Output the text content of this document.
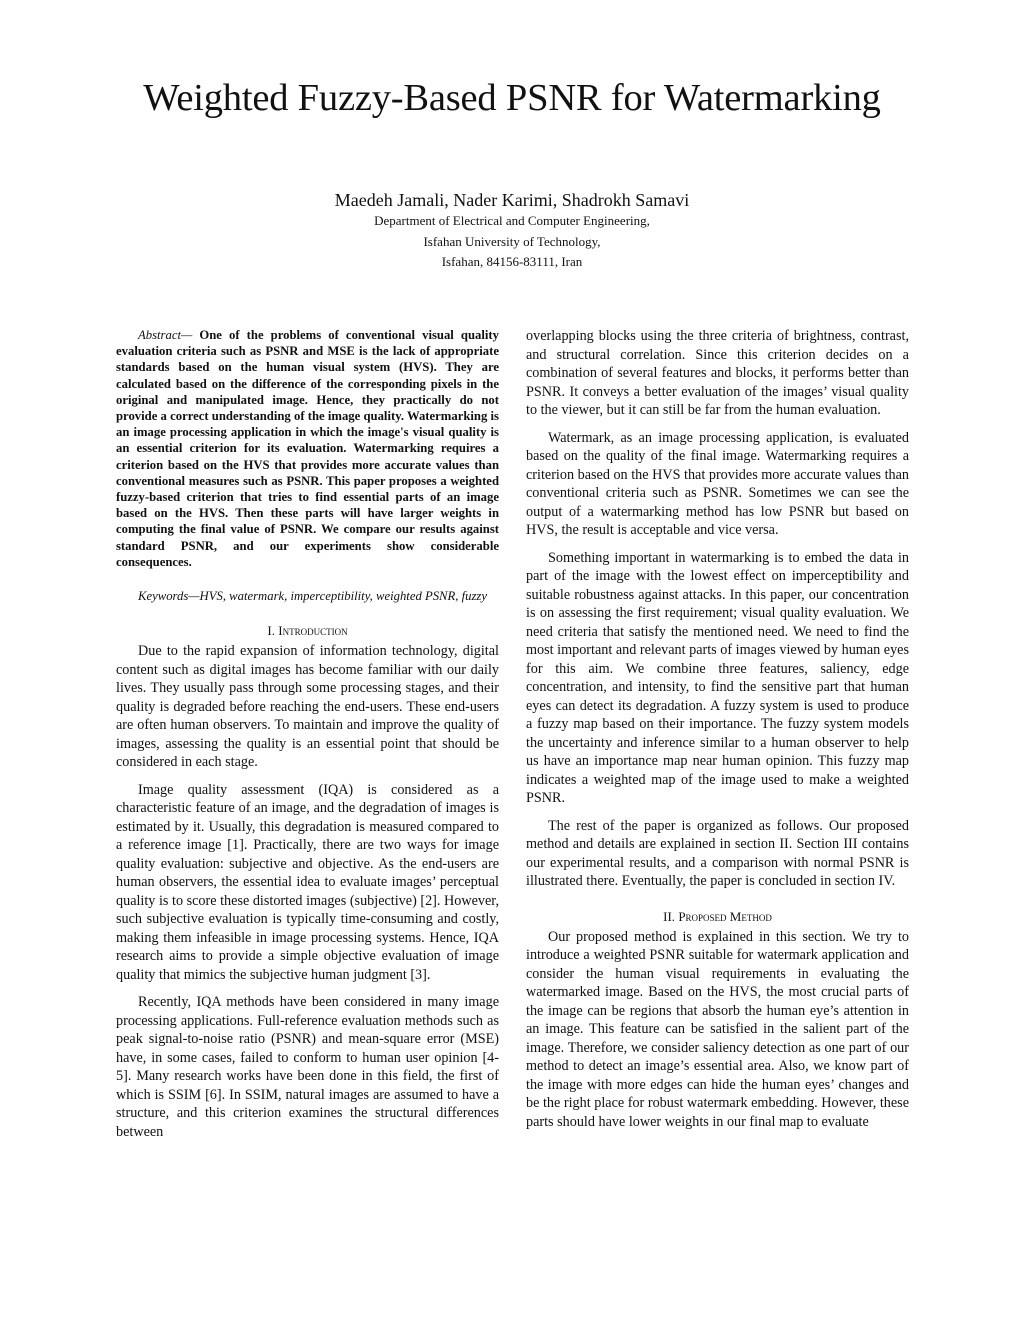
Weighted Fuzzy-Based PSNR for Watermarking
Maedeh Jamali, Nader Karimi, Shadrokh Samavi
Department of Electrical and Computer Engineering,
Isfahan University of Technology,
Isfahan, 84156-83111, Iran

Abstract— One of the problems of conventional visual quality evaluation criteria such as PSNR and MSE is the lack of appropriate standards based on the human visual system (HVS). They are calculated based on the difference of the corresponding pixels in the original and manipulated image. Hence, they practically do not provide a correct understanding of the image quality. Watermarking is an image processing application in which the image's visual quality is an essential criterion for its evaluation. Watermarking requires a criterion based on the HVS that provides more accurate values than conventional measures such as PSNR. This paper proposes a weighted fuzzy-based criterion that tries to find essential parts of an image based on the HVS. Then these parts will have larger weights in computing the final value of PSNR. We compare our results against standard PSNR, and our experiments show considerable consequences.

Keywords—HVS, watermark, imperceptibility, weighted PSNR, fuzzy

I. Introduction

Due to the rapid expansion of information technology, digital content such as digital images has become familiar with our daily lives. They usually pass through some processing stages, and their quality is degraded before reaching the end-users. These end-users are often human observers. To maintain and improve the quality of images, assessing the quality is an essential point that should be considered in each stage.

Image quality assessment (IQA) is considered as a characteristic feature of an image, and the degradation of images is estimated by it. Usually, this degradation is measured compared to a reference image [1]. Practically, there are two ways for image quality evaluation: subjective and objective. As the end-users are human observers, the essential idea to evaluate images’ perceptual quality is to score these distorted images (subjective) [2]. However, such subjective evaluation is typically time-consuming and costly, making them infeasible in image processing systems. Hence, IQA research aims to provide a simple objective evaluation of image quality that mimics the subjective human judgment [3].

Recently, IQA methods have been considered in many image processing applications. Full-reference evaluation methods such as peak signal-to-noise ratio (PSNR) and mean-square error (MSE) have, in some cases, failed to conform to human user opinion [4-5]. Many research works have been done in this field, the first of which is SSIM [6]. In SSIM, natural images are assumed to have a structure, and this criterion examines the structural differences between

overlapping blocks using the three criteria of brightness, contrast, and structural correlation. Since this criterion decides on a combination of several features and blocks, it performs better than PSNR. It conveys a better evaluation of the images’ visual quality to the viewer, but it can still be far from the human evaluation.

Watermark, as an image processing application, is evaluated based on the quality of the final image. Watermarking requires a criterion based on the HVS that provides more accurate values than conventional criteria such as PSNR. Sometimes we can see the output of a watermarking method has low PSNR but based on HVS, the result is acceptable and vice versa.

Something important in watermarking is to embed the data in part of the image with the lowest effect on imperceptibility and suitable robustness against attacks. In this paper, our concentration is on assessing the first requirement; visual quality evaluation. We need criteria that satisfy the mentioned need. We need to find the most important and relevant parts of images viewed by human eyes for this aim. We combine three features, saliency, edge concentration, and intensity, to find the sensitive part that human eyes can detect its degradation. A fuzzy system is used to produce a fuzzy map based on their importance. The fuzzy system models the uncertainty and inference similar to a human observer to help us have an importance map near human opinion. This fuzzy map indicates a weighted map of the image used to make a weighted PSNR.

The rest of the paper is organized as follows. Our proposed method and details are explained in section II. Section III contains our experimental results, and a comparison with normal PSNR is illustrated there. Eventually, the paper is concluded in section IV.

II. Proposed Method

Our proposed method is explained in this section. We try to introduce a weighted PSNR suitable for watermark application and consider the human visual requirements in evaluating the watermarked image. Based on the HVS, the most crucial parts of the image can be regions that absorb the human eye’s attention in an image. This feature can be satisfied in the salient part of the image. Therefore, we consider saliency detection as one part of our method to detect an image’s essential area. Also, we know part of the image with more edges can hide the human eyes’ changes and be the right place for robust watermark embedding. However, these parts should have lower weights in our final map to evaluate
